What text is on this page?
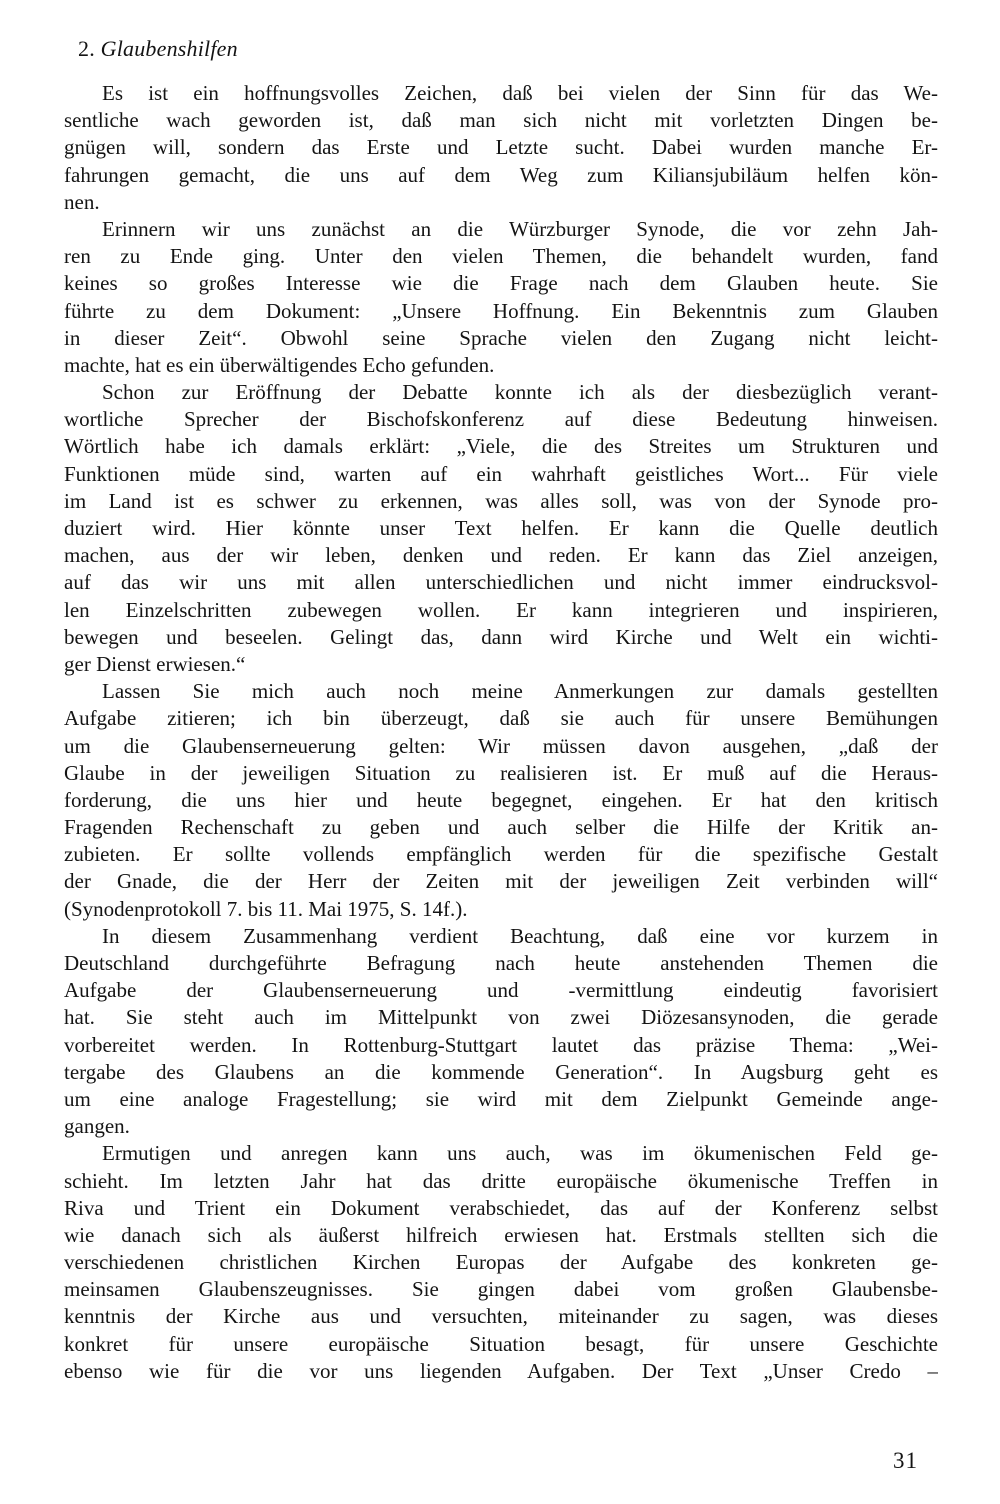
2. Glaubenshilfen
Es ist ein hoffnungsvolles Zeichen, daß bei vielen der Sinn für das We-
sentliche wach geworden ist, daß man sich nicht mit vorletzten Dingen be-
gnügen will, sondern das Erste und Letzte sucht. Dabei wurden manche Er-
fahrungen gemacht, die uns auf dem Weg zum Kiliansjubiläum helfen kön-
nen.
Erinnern wir uns zunächst an die Würzburger Synode, die vor zehn Jah-
ren zu Ende ging. Unter den vielen Themen, die behandelt wurden, fand
keines so großes Interesse wie die Frage nach dem Glauben heute. Sie
führte zu dem Dokument: „Unsere Hoffnung. Ein Bekenntnis zum Glauben
in dieser Zeit“. Obwohl seine Sprache vielen den Zugang nicht leicht-
machte, hat es ein überwältigendes Echo gefunden.
Schon zur Eröffnung der Debatte konnte ich als der diesbezüglich verant-
wortliche Sprecher der Bischofskonferenz auf diese Bedeutung hinweisen.
Wörtlich habe ich damals erklärt: „Viele, die des Streites um Strukturen und
Funktionen müde sind, warten auf ein wahrhaft geistliches Wort... Für viele
im Land ist es schwer zu erkennen, was alles soll, was von der Synode pro-
duziert wird. Hier könnte unser Text helfen. Er kann die Quelle deutlich
machen, aus der wir leben, denken und reden. Er kann das Ziel anzeigen,
auf das wir uns mit allen unterschiedlichen und nicht immer eindrucksvol-
len Einzelschritten zubewegen wollen. Er kann integrieren und inspirieren,
bewegen und beseelen. Gelingt das, dann wird Kirche und Welt ein wichti-
ger Dienst erwiesen.“
Lassen Sie mich auch noch meine Anmerkungen zur damals gestellten
Aufgabe zitieren; ich bin überzeugt, daß sie auch für unsere Bemühungen
um die Glaubenserneuerung gelten: Wir müssen davon ausgehen, „daß der
Glaube in der jeweiligen Situation zu realisieren ist. Er muß auf die Heraus-
forderung, die uns hier und heute begegnet, eingehen. Er hat den kritisch
Fragenden Rechenschaft zu geben und auch selber die Hilfe der Kritik an-
zubieten. Er sollte vollends empfänglich werden für die spezifische Gestalt
der Gnade, die der Herr der Zeiten mit der jeweiligen Zeit verbinden will“
(Synodenprotokoll 7. bis 11. Mai 1975, S. 14f.).
In diesem Zusammenhang verdient Beachtung, daß eine vor kurzem in
Deutschland durchgeführte Befragung nach heute anstehenden Themen die
Aufgabe der Glaubenserneuerung und -vermittlung eindeutig favorisiert
hat. Sie steht auch im Mittelpunkt von zwei Diözesansynoden, die gerade
vorbereitet werden. In Rottenburg-Stuttgart lautet das präzise Thema: „Wei-
tergabe des Glaubens an die kommende Generation“. In Augsburg geht es
um eine analoge Fragestellung; sie wird mit dem Zielpunkt Gemeinde ange-
gangen.
Ermutigen und anregen kann uns auch, was im ökumenischen Feld ge-
schieht. Im letzten Jahr hat das dritte europäische ökumenische Treffen in
Riva und Trient ein Dokument verabschiedet, das auf der Konferenz selbst
wie danach sich als äußerst hilfreich erwiesen hat. Erstmals stellten sich die
verschiedenen christlichen Kirchen Europas der Aufgabe des konkreten ge-
meinsamen Glaubenszeugnisses. Sie gingen dabei vom großen Glaubensbe-
kenntnis der Kirche aus und versuchten, miteinander zu sagen, was dieses
konkret für unsere europäische Situation besagt, für unsere Geschichte
ebenso wie für die vor uns liegenden Aufgaben. Der Text „Unser Credo –
31
